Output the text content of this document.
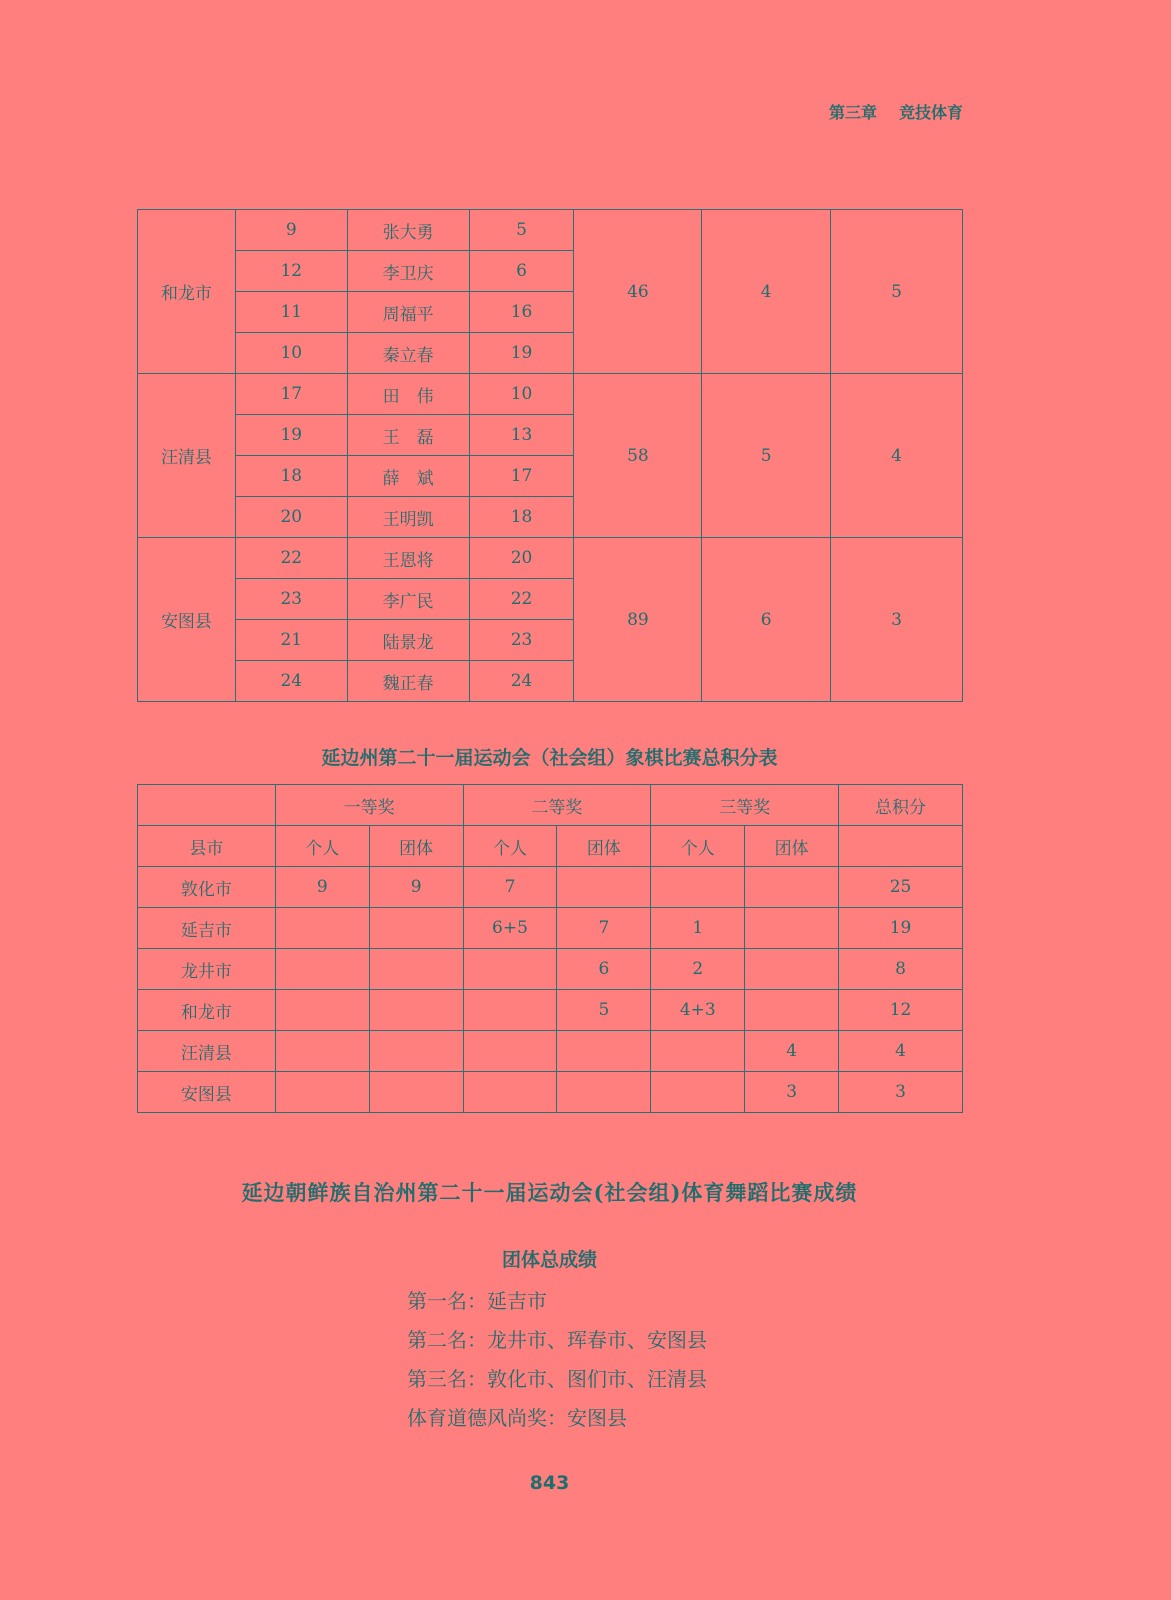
第三章 竞技体育
和龙市	9	张大勇	5	46	4	5
	12	李卫庆	6			
	11	周福平	16			
	10	秦立春	19			
汪清县	17	田　伟	10	58	5	4
	19	王　磊	13			
	18	薛　斌	17			
	20	王明凯	18			
安图县	22	王恩将	20	89	6	3
	23	李广民	22			
	21	陆景龙	23			
	24	魏正春	24			
延边州第二十一届运动会（社会组）象棋比赛总积分表
	一等奖		二等奖		三等奖		总积分
县市	个人	团体	个人	团体	个人	团体	
敦化市	9	9	7				25
延吉市			6+5	7	1		19
龙井市				6	2		8
和龙市				5	4+3		12
汪清县						4	4
安图县						3	3
延边朝鲜族自治州第二十一届运动会(社会组)体育舞蹈比赛成绩
团体总成绩
第一名：延吉市
第二名：龙井市、珲春市、安图县
第三名：敦化市、图们市、汪清县
体育道德风尚奖：安图县
843
